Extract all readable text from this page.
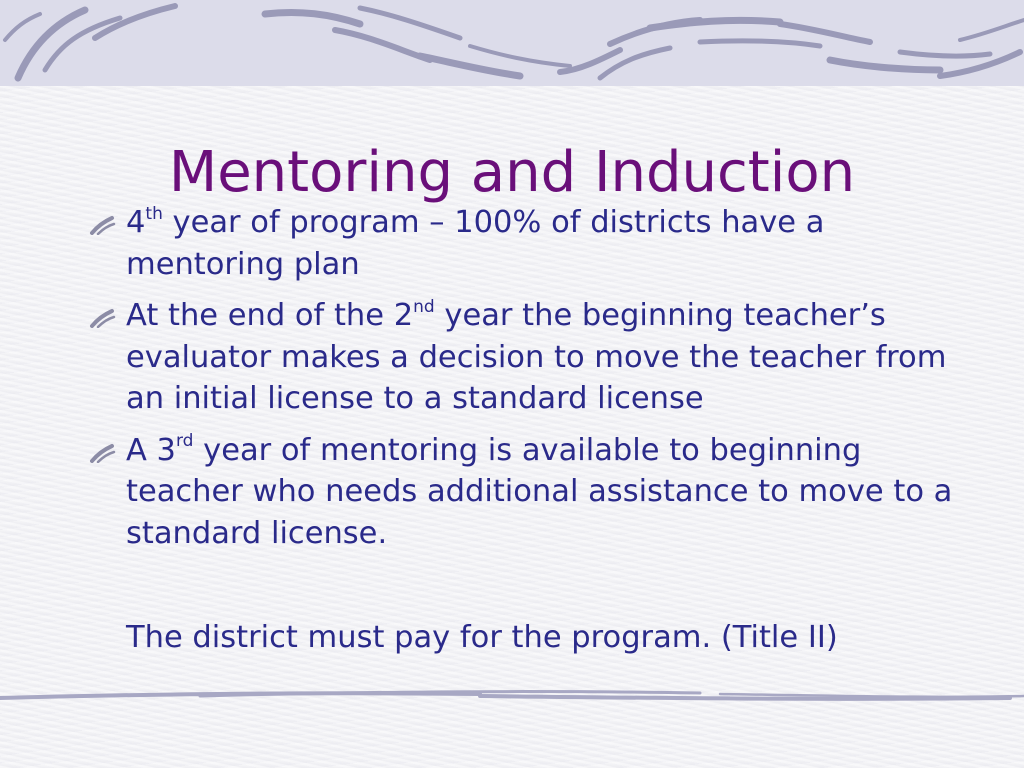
Mentoring and Induction
4th year of program – 100% of districts have a mentoring plan
At the end of the 2nd year the beginning teacher’s evaluator makes a decision to move the teacher from an initial license to a standard license
A 3rd year of mentoring is available to beginning teacher who needs additional assistance to move to a standard license.

The district must pay for the program. (Title II)
